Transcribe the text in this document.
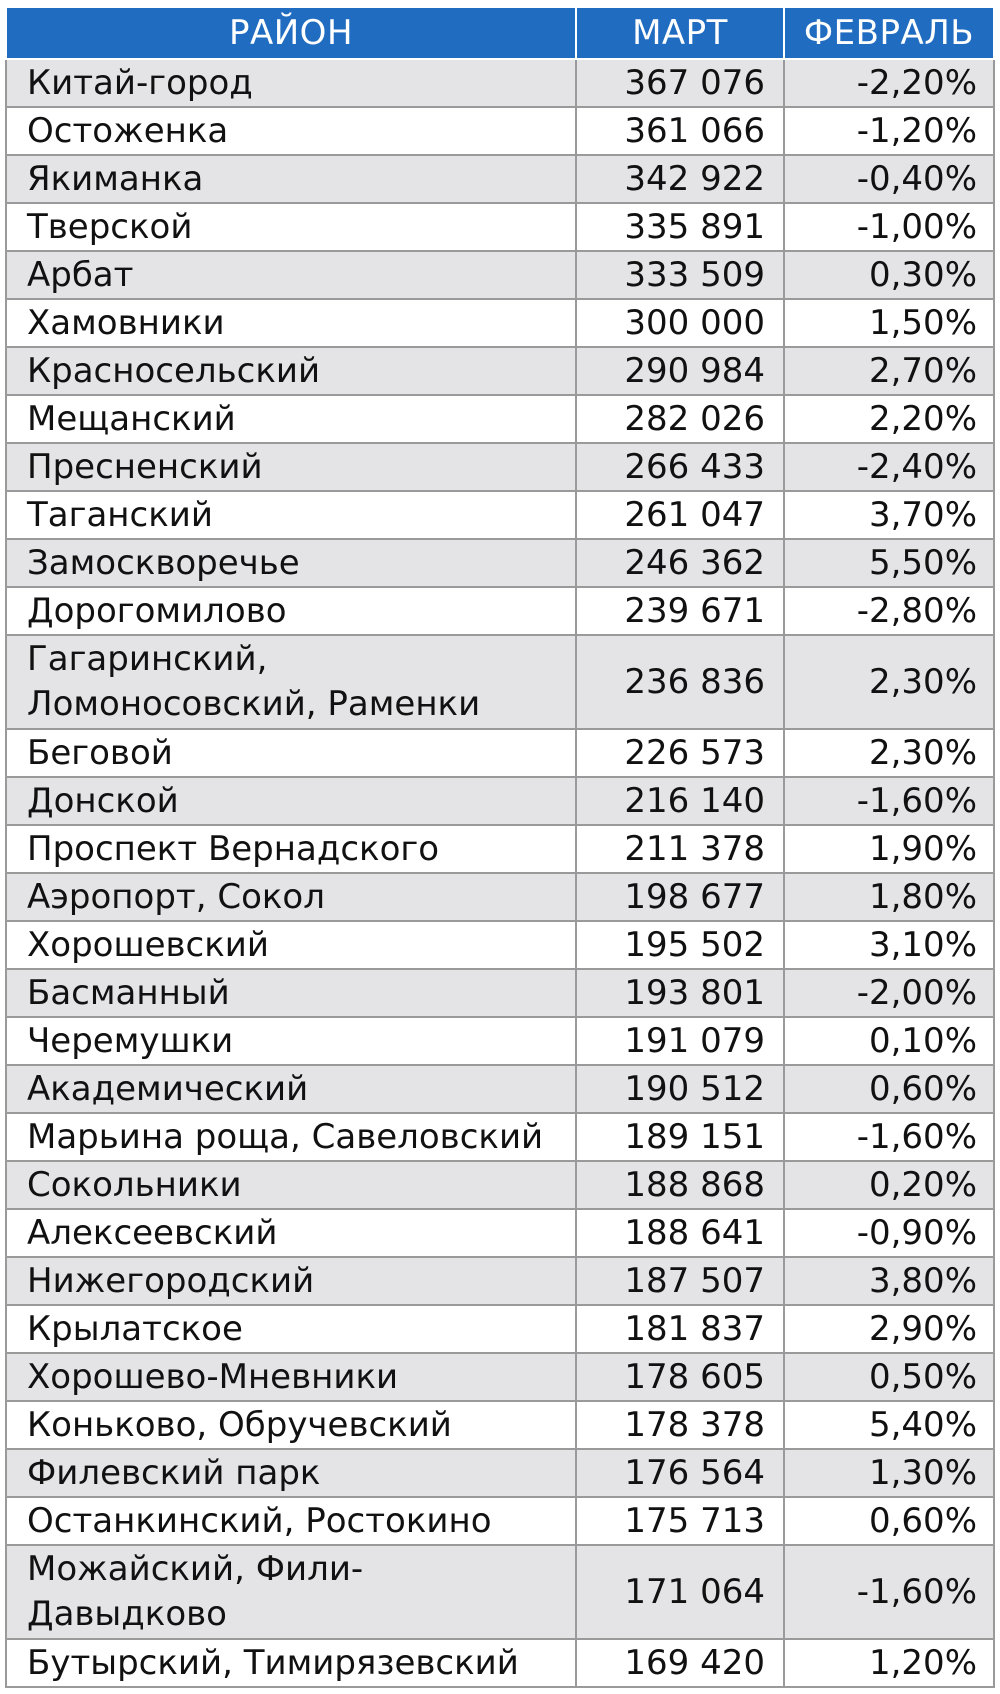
РАЙОН	МАРТ	ФЕВРАЛЬ
Китай-город	367 076	-2,20%
Остоженка	361 066	-1,20%
Якиманка	342 922	-0,40%
Тверской	335 891	-1,00%
Арбат	333 509	0,30%
Хамовники	300 000	1,50%
Красносельский	290 984	2,70%
Мещанский	282 026	2,20%
Пресненский	266 433	-2,40%
Таганский	261 047	3,70%
Замоскворечье	246 362	5,50%
Дорогомилово	239 671	-2,80%
Гагаринский, Ломоносовский, Раменки	236 836	2,30%
Беговой	226 573	2,30%
Донской	216 140	-1,60%
Проспект Вернадского	211 378	1,90%
Аэропорт, Сокол	198 677	1,80%
Хорошевский	195 502	3,10%
Басманный	193 801	-2,00%
Черемушки	191 079	0,10%
Академический	190 512	0,60%
Марьина роща, Савеловский	189 151	-1,60%
Сокольники	188 868	0,20%
Алексеевский	188 641	-0,90%
Нижегородский	187 507	3,80%
Крылатское	181 837	2,90%
Хорошево-Мневники	178 605	0,50%
Коньково, Обручевский	178 378	5,40%
Филевский парк	176 564	1,30%
Останкинский, Ростокино	175 713	0,60%
Можайский, Фили-Давыдково	171 064	-1,60%
Бутырский, Тимирязевский	169 420	1,20%
